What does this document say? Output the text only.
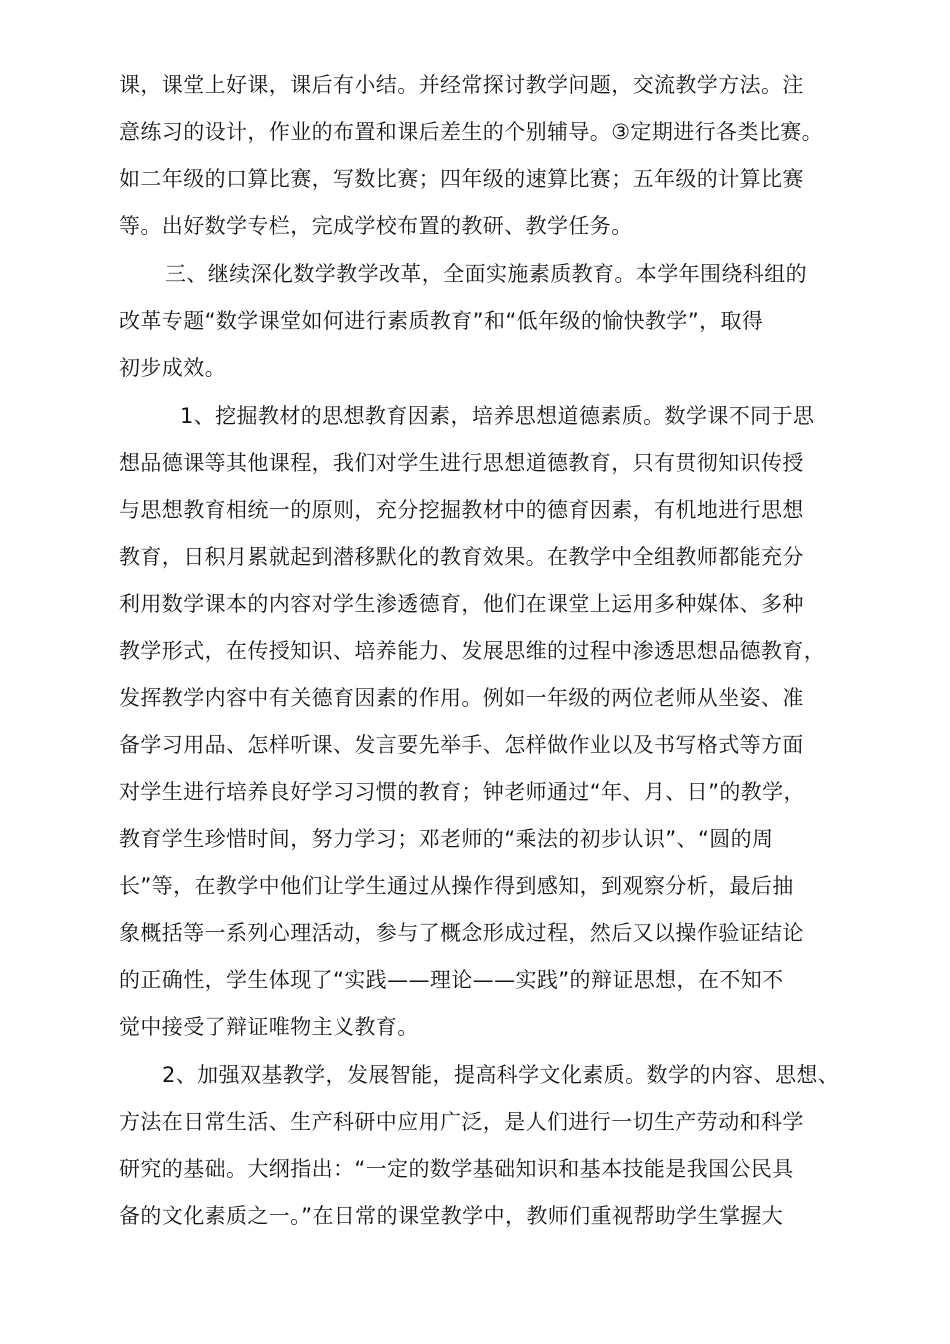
课，课堂上好课，课后有小结。并经常探讨教学问题，交流教学方法。注
意练习的设计，作业的布置和课后差生的个别辅导。③定期进行各类比赛。
如二年级的口算比赛，写数比赛；四年级的速算比赛；五年级的计算比赛
等。出好数学专栏，完成学校布置的教研、教学任务。
三、继续深化数学教学改革，全面实施素质教育。本学年围绕科组的
改革专题“数学课堂如何进行素质教育”和“低年级的愉快教学”，取得
初步成效。
1、挖掘教材的思想教育因素，培养思想道德素质。数学课不同于思
想品德课等其他课程，我们对学生进行思想道德教育，只有贯彻知识传授
与思想教育相统一的原则，充分挖掘教材中的德育因素，有机地进行思想
教育，日积月累就起到潜移默化的教育效果。在教学中全组教师都能充分
利用数学课本的内容对学生渗透德育，他们在课堂上运用多种媒体、多种
教学形式，在传授知识、培养能力、发展思维的过程中渗透思想品德教育，
发挥教学内容中有关德育因素的作用。例如一年级的两位老师从坐姿、准
备学习用品、怎样听课、发言要先举手、怎样做作业以及书写格式等方面
对学生进行培养良好学习习惯的教育；钟老师通过“年、月、日”的教学，
教育学生珍惜时间，努力学习；邓老师的“乘法的初步认识”、“圆的周
长”等，在教学中他们让学生通过从操作得到感知，到观察分析，最后抽
象概括等一系列心理活动，参与了概念形成过程，然后又以操作验证结论
的正确性，学生体现了“实践——理论——实践”的辩证思想，在不知不
觉中接受了辩证唯物主义教育。
2、加强双基教学，发展智能，提高科学文化素质。数学的内容、思想、
方法在日常生活、生产科研中应用广泛，是人们进行一切生产劳动和科学
研究的基础。大纲指出：“一定的数学基础知识和基本技能是我国公民具
备的文化素质之一。”在日常的课堂教学中，教师们重视帮助学生掌握大
